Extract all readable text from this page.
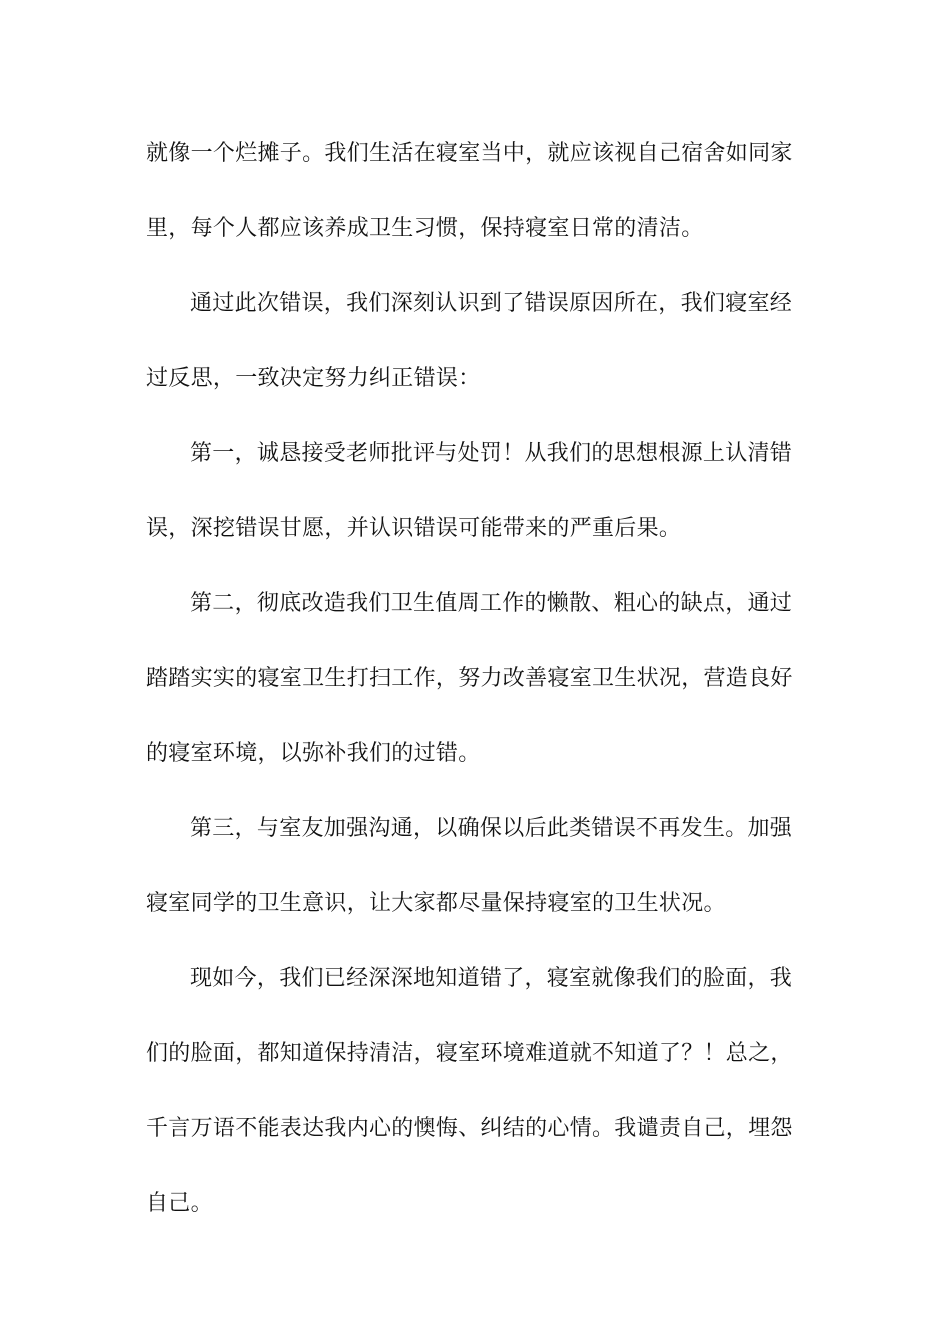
就像一个烂摊子。我们生活在寝室当中，就应该视自己宿舍如同家
里，每个人都应该养成卫生习惯，保持寝室日常的清洁。
通过此次错误，我们深刻认识到了错误原因所在，我们寝室经
过反思，一致决定努力纠正错误：
第一，诚恳接受老师批评与处罚！从我们的思想根源上认清错
误，深挖错误甘愿，并认识错误可能带来的严重后果。
第二，彻底改造我们卫生值周工作的懒散、粗心的缺点，通过
踏踏实实的寝室卫生打扫工作，努力改善寝室卫生状况，营造良好
的寝室环境，以弥补我们的过错。
第三，与室友加强沟通，以确保以后此类错误不再发生。加强
寝室同学的卫生意识，让大家都尽量保持寝室的卫生状况。
现如今，我们已经深深地知道错了，寝室就像我们的脸面，我
们的脸面，都知道保持清洁，寝室环境难道就不知道了？！总之，
千言万语不能表达我内心的懊悔、纠结的心情。我谴责自己，埋怨
自己。
